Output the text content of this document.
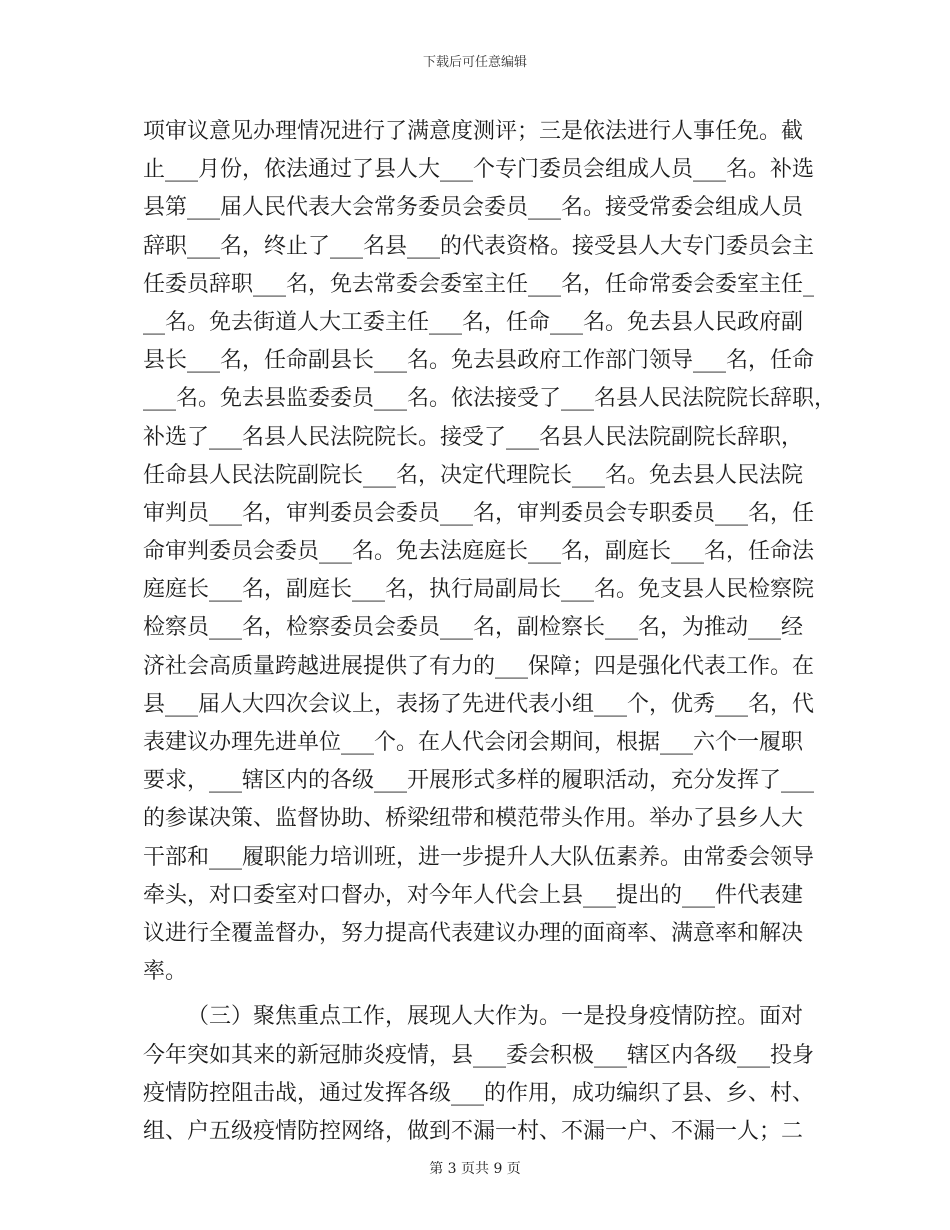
下载后可任意编辑
项审议意见办理情况进行了满意度测评；三是依法进行人事任免。截
止___月份，依法通过了县人大___个专门委员会组成人员___名。补选
县第___届人民代表大会常务委员会委员___名。接受常委会组成人员
辞职___名，终止了___名县___的代表资格。接受县人大专门委员会主
任委员辞职___名，免去常委会委室主任___名，任命常委会委室主任_
__名。免去街道人大工委主任___名，任命___名。免去县人民政府副
县长___名，任命副县长___名。免去县政府工作部门领导___名，任命
___名。免去县监委委员___名。依法接受了___名县人民法院院长辞职，
补选了___名县人民法院院长。接受了___名县人民法院副院长辞职，
任命县人民法院副院长___名，决定代理院长___名。免去县人民法院
审判员___名，审判委员会委员___名，审判委员会专职委员___名，任
命审判委员会委员___名。免去法庭庭长___名，副庭长___名，任命法
庭庭长___名，副庭长___名，执行局副局长___名。免支县人民检察院
检察员___名，检察委员会委员___名，副检察长___名，为推动___经
济社会高质量跨越进展提供了有力的___保障；四是强化代表工作。在
县___届人大四次会议上，表扬了先进代表小组___个，优秀___名，代
表建议办理先进单位___个。在人代会闭会期间，根据___六个一履职
要求，___辖区内的各级___开展形式多样的履职活动，充分发挥了___
的参谋决策、监督协助、桥梁纽带和模范带头作用。举办了县乡人大
干部和___履职能力培训班，进一步提升人大队伍素养。由常委会领导
牵头，对口委室对口督办，对今年人代会上县___提出的___件代表建
议进行全覆盖督办，努力提高代表建议办理的面商率、满意率和解决
率。
（三）聚焦重点工作，展现人大作为。一是投身疫情防控。面对
今年突如其来的新冠肺炎疫情，县___委会积极___辖区内各级___投身
疫情防控阻击战，通过发挥各级___的作用，成功编织了县、乡、村、
组、户五级疫情防控网络，做到不漏一村、不漏一户、不漏一人；二
第 3 页共 9 页
